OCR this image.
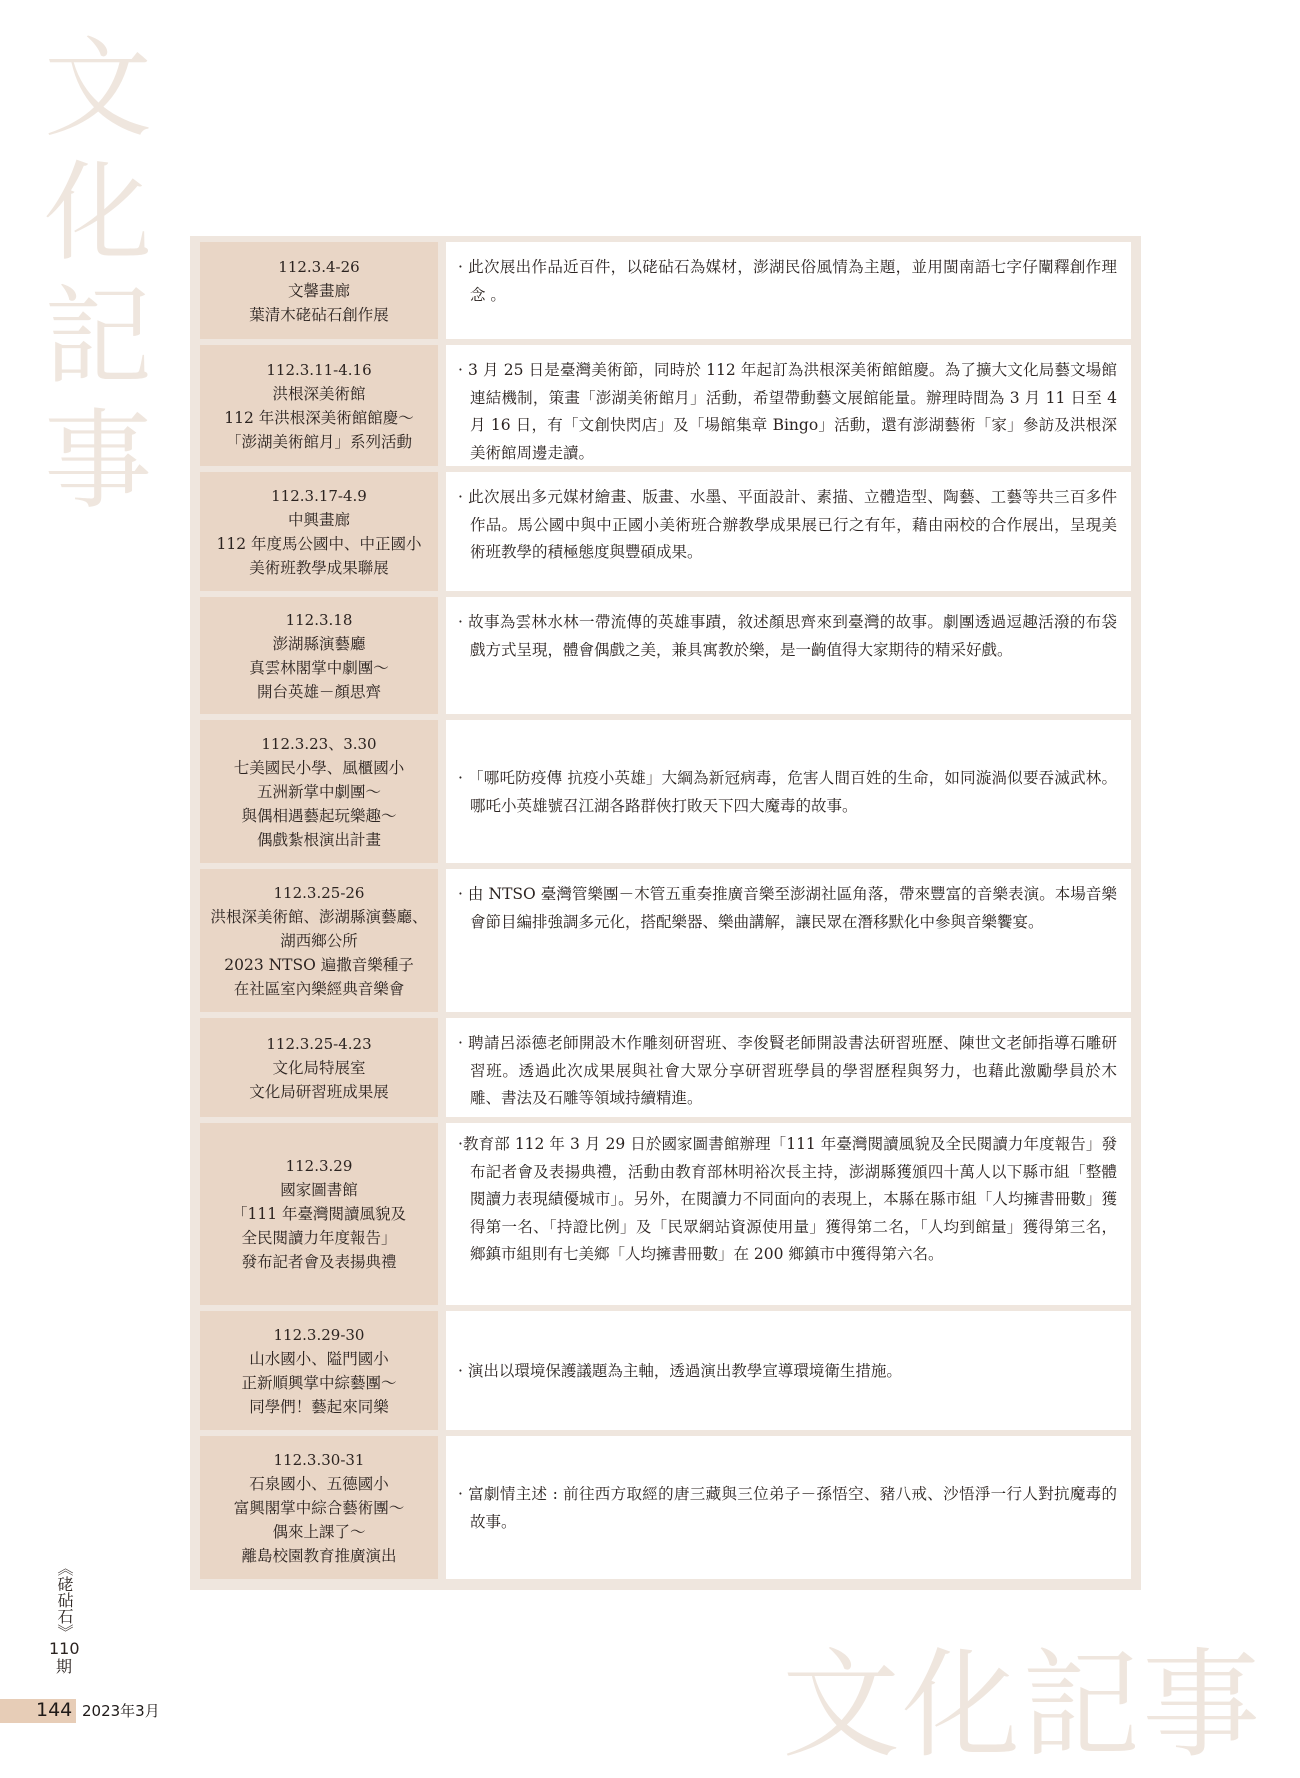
文
化
記
事
112.3.4-26
文馨畫廊
葉清木硓砧石創作展

· 此次展出作品近百件，以硓砧石為媒材，澎湖民俗風情為主題，並用閩南語七字仔闡釋創作理念 。

112.3.11-4.16
洪根深美術館
112 年洪根深美術館館慶～
「澎湖美術館月」系列活動

· 3 月 25 日是臺灣美術節，同時於 112 年起訂為洪根深美術館館慶。為了擴大文化局藝文場館連結機制，策畫「澎湖美術館月」活動，希望帶動藝文展館能量。辦理時間為 3 月 11 日至 4 月 16 日，有「文創快閃店」及「場館集章 Bingo」活動，還有澎湖藝術「家」參訪及洪根深美術館周邊走讀。

112.3.17-4.9
中興畫廊
112 年度馬公國中、中正國小
美術班教學成果聯展

· 此次展出多元媒材繪畫、版畫、水墨、平面設計、素描、立體造型、陶藝、工藝等共三百多件作品。馬公國中與中正國小美術班合辦教學成果展已行之有年，藉由兩校的合作展出，呈現美術班教學的積極態度與豐碩成果。

112.3.18
澎湖縣演藝廳
真雲林閣掌中劇團～
開台英雄－顏思齊

· 故事為雲林水林一帶流傳的英雄事蹟，敘述顏思齊來到臺灣的故事。劇團透過逗趣活潑的布袋戲方式呈現，體會偶戲之美，兼具寓教於樂，是一齣值得大家期待的精采好戲。

112.3.23、3.30
七美國民小學、風櫃國小
五洲新掌中劇團～
與偶相遇藝起玩樂趣～
偶戲紮根演出計畫

· 「哪吒防疫傳 抗疫小英雄」大綱為新冠病毒，危害人間百姓的生命，如同漩渦似要吞滅武林。哪吒小英雄號召江湖各路群俠打敗天下四大魔毒的故事。

112.3.25-26
洪根深美術館、澎湖縣演藝廳、
湖西鄉公所
2023 NTSO 遍撒音樂種子
在社區室內樂經典音樂會

· 由 NTSO 臺灣管樂團－木管五重奏推廣音樂至澎湖社區角落，帶來豐富的音樂表演。本場音樂會節目編排強調多元化，搭配樂器、樂曲講解，讓民眾在潛移默化中參與音樂饗宴。

112.3.25-4.23
文化局特展室
文化局研習班成果展

· 聘請呂添德老師開設木作雕刻研習班、李俊賢老師開設書法研習班歷、陳世文老師指導石雕研習班。透過此次成果展與社會大眾分享研習班學員的學習歷程與努力，也藉此激勵學員於木雕、書法及石雕等領域持續精進。

112.3.29
國家圖書館
「111 年臺灣閱讀風貌及
全民閱讀力年度報告」
發布記者會及表揚典禮

·教育部 112 年 3 月 29 日於國家圖書館辦理「111 年臺灣閱讀風貌及全民閱讀力年度報告」發布記者會及表揚典禮，活動由教育部林明裕次長主持，澎湖縣獲頒四十萬人以下縣市組「整體閱讀力表現績優城市」。另外，在閱讀力不同面向的表現上，本縣在縣市組「人均擁書冊數」獲得第一名、「持證比例」及「民眾網站資源使用量」獲得第二名，「人均到館量」獲得第三名，鄉鎮市組則有七美鄉「人均擁書冊數」在 200 鄉鎮市中獲得第六名。

112.3.29-30
山水國小、隘門國小
正新順興掌中綜藝團～
同學們！藝起來同樂

· 演出以環境保護議題為主軸，透過演出教學宣導環境衛生措施。

112.3.30-31
石泉國小、五德國小
富興閣掌中綜合藝術團～
偶來上課了～
離島校園教育推廣演出

· 富劇情主述 : 前往西方取經的唐三藏與三位弟子－孫悟空、豬八戒、沙悟淨一行人對抗魔毒的故事。

文化記事
《硓砧石》
110
期
144 2023年3月
